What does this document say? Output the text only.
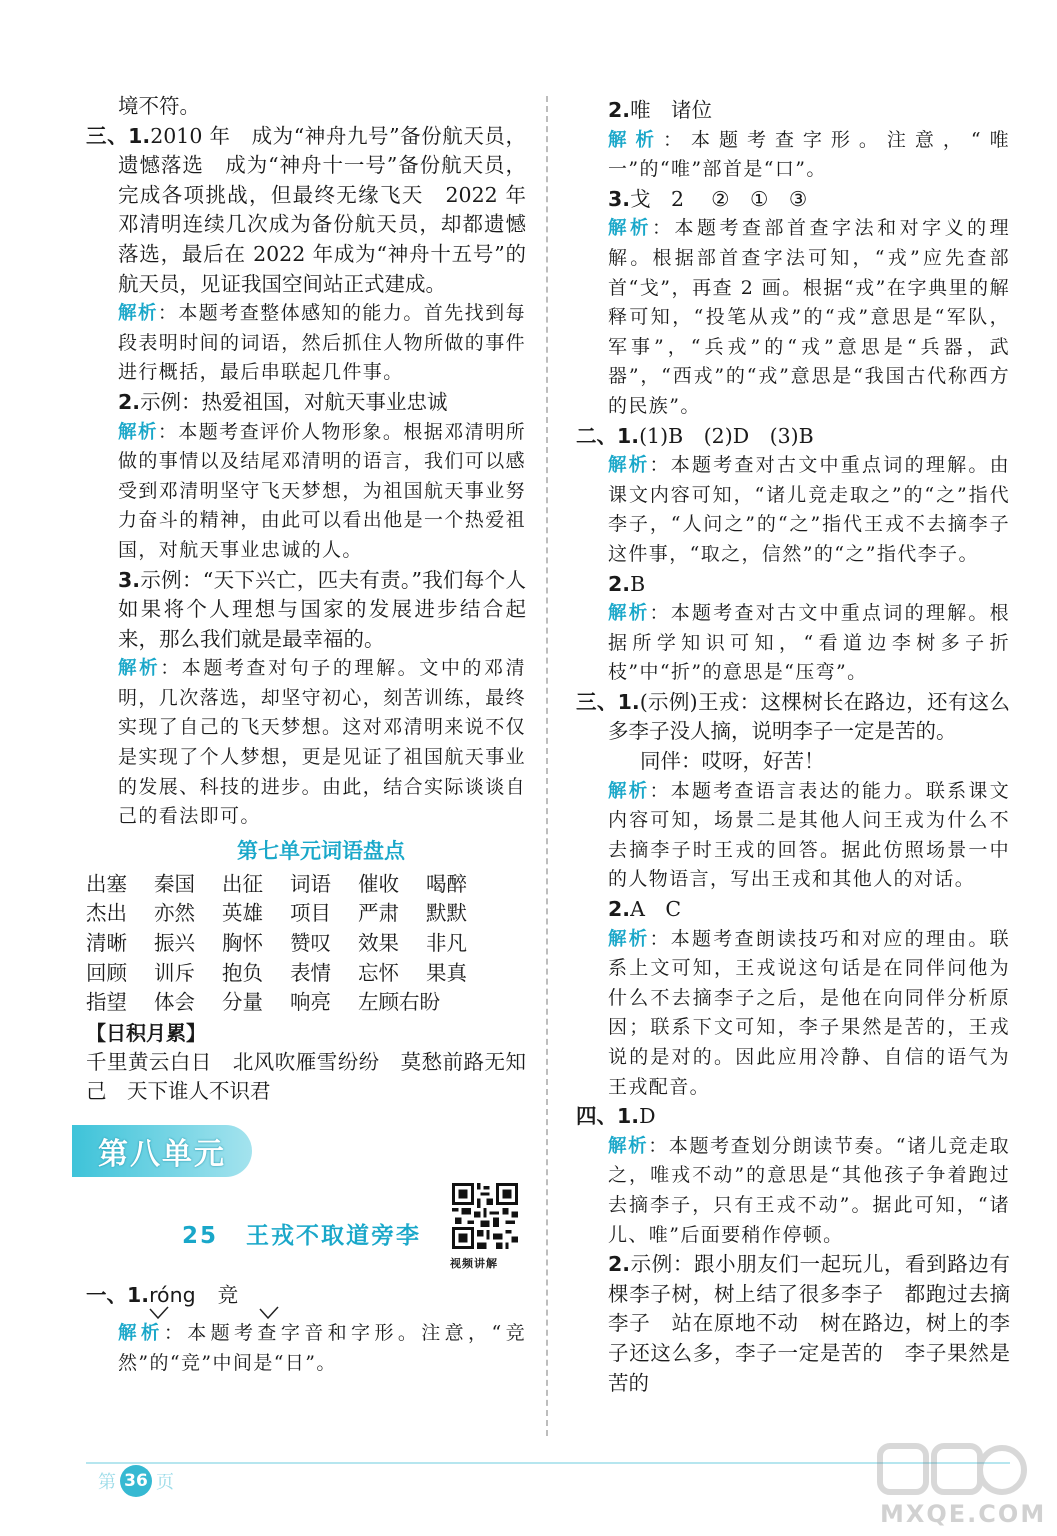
境不符。

三、1.2010 年　成为“神舟九号”备份航天员，遗憾落选　成为“神舟十一号”备份航天员，完成各项挑战，但最终无缘飞天　2022 年　邓清明连续几次成为备份航天员，却都遗憾落选，最后在 2022 年成为“神舟十五号”的航天员，见证我国空间站正式建成。

解析：本题考查整体感知的能力。首先找到每段表明时间的词语，然后抓住人物所做的事件进行概括，最后串联起几件事。

2.示例：热爱祖国，对航天事业忠诚

解析：本题考查评价人物形象。根据邓清明所做的事情以及结尾邓清明的语言，我们可以感受到邓清明坚守飞天梦想，为祖国航天事业努力奋斗的精神，由此可以看出他是一个热爱祖国，对航天事业忠诚的人。

3.示例：“天下兴亡，匹夫有责。”我们每个人如果将个人理想与国家的发展进步结合起来，那么我们就是最幸福的。

解析：本题考查对句子的理解。文中的邓清明，几次落选，却坚守初心，刻苦训练，最终实现了自己的飞天梦想。这对邓清明来说不仅是实现了个人梦想，更是见证了祖国航天事业的发展、科技的进步。由此，结合实际谈谈自己的看法即可。

第七单元词语盘点
出塞	秦国	出征	词语	催收	喝醉
杰出	亦然	英雄	项目	严肃	默默
清晰	振兴	胸怀	赞叹	效果	非凡
回顾	训斥	抱负	表情	忘怀	果真
指望	体会	分量	响亮	左顾右盼
【日积月累】

千里黄云白日　北风吹雁雪纷纷　莫愁前路无知己　天下谁人不识君

第八单元
25 王戎不取道旁李
视频讲解

一、1.róng 竞

解析：本题考查字音和字形。注意，“竞然”的“竞”中间是“日”。

2.唯　诸位

解析：本题考查字形。注意，“唯一”的“唯”部首是“口”。

3.戈　2　 ②　 ①　 ③

解析：本题考查部首查字法和对字义的理解。根据部首查字法可知，“戎”应先查部首“戈”，再查 2 画。根据“戎”在字典里的解释可知，“投笔从戎”的“戎”意思是“军队，军事”，“兵戎”的“戎”意思是“兵器，武器”，“西戎”的“戎”意思是“我国古代称西方的民族”。

二、1.(1)B　(2)D　(3)B

解析：本题考查对古文中重点词的理解。由课文内容可知，“诸儿竞走取之”的“之”指代李子，“人问之”的“之”指代王戎不去摘李子这件事，“取之，信然”的“之”指代李子。

2.B

解析：本题考查对古文中重点词的理解。根据所学知识可知，“看道边李树多子折枝”中“折”的意思是“压弯”。

三、1.(示例)王戎：这棵树长在路边，还有这么多李子没人摘，说明李子一定是苦的。

同伴：哎呀，好苦！

解析：本题考查语言表达的能力。联系课文内容可知，场景二是其他人问王戎为什么不去摘李子时王戎的回答。据此仿照场景一中的人物语言，写出王戎和其他人的对话。

2.A　C

解析：本题考查朗读技巧和对应的理由。联系上文可知，王戎说这句话是在同伴问他为什么不去摘李子之后，是他在向同伴分析原因；联系下文可知，李子果然是苦的，王戎说的是对的。因此应用冷静、自信的语气为王戎配音。

四、1.D

解析：本题考查划分朗读节奏。“诸儿竞走取之，唯戎不动”的意思是“其他孩子争着跑过去摘李子，只有王戎不动”。据此可知，“诸儿、唯”后面要稍作停顿。

2.示例：跟小朋友们一起玩儿，看到路边有棵李子树，树上结了很多李子　都跑过去摘李子　站在原地不动　树在路边，树上的李子还这么多，李子一定是苦的　李子果然是苦的

第 36 页
MXQE.COM
